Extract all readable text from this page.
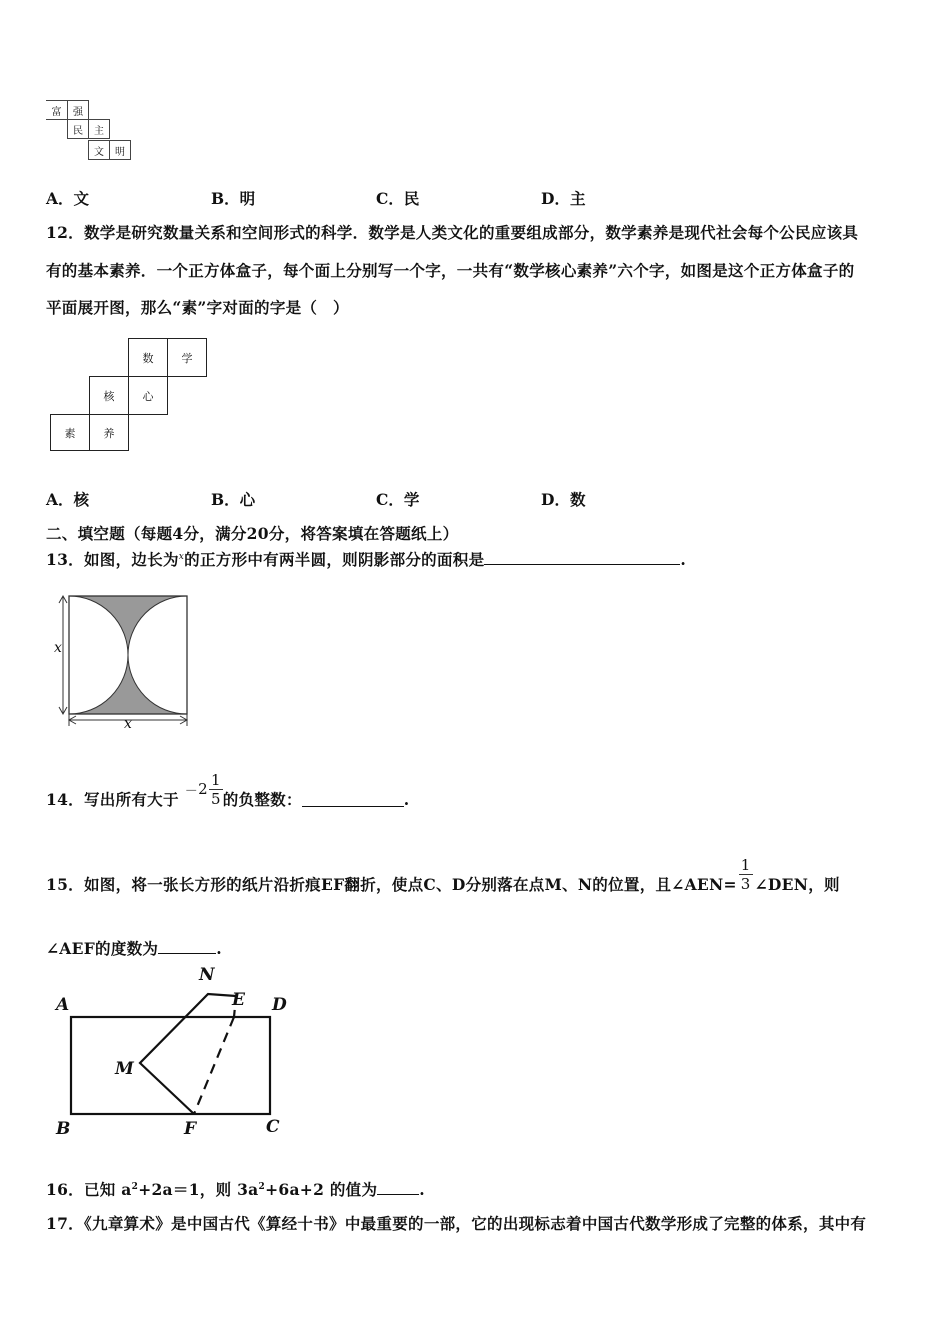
富	强
民	主
文	明
A．文	B．明	C．民	D．主
12．数学是研究数量关系和空间形式的科学．数学是人类文化的重要组成部分，数学素养是现代社会每个公民应该具
有的基本素养．一个正方体盒子，每个面上分别写一个字，一共有“数学核心素养”六个字，如图是这个正方体盒子的
平面展开图，那么“素”字对面的字是（　）
数	学
核	心
素	养
A．核	B．心	C．学	D．数
二、填空题（每题4分，满分20分，将答案填在答题纸上）
13．如图，边长为$^x$的正方形中有两半圆，则阴影部分的面积是	.
x
x
14．写出所有大于 － $2 \frac{1}{5}$ 的负整数：	.
15．如图，将一张长方形的纸片沿折痕EF翻折，使点C、D分别落在点M、N的位置，且∠AEN= $\frac{1}{3}$ ∠DEN，则
∠AEF的度数为	.
A
B	C
D
E
F
M
N
16．已知 $a^2+2a=1$，则 $3a^2+6a+2$ 的值为	.
17．《九章算术》是中国古代《算经十书》中最重要的一部，它的出现标志着中国古代数学形成了完整的体系，其中有
